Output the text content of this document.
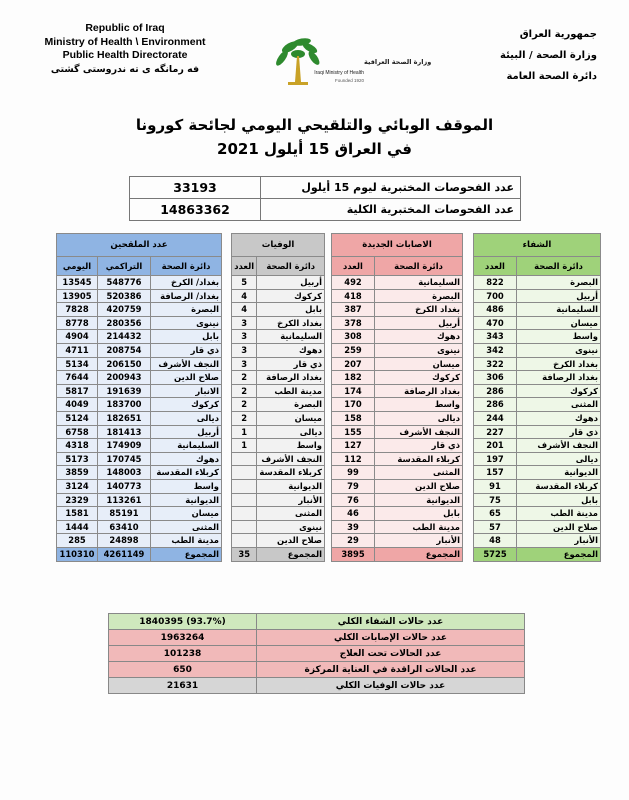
Republic of Iraq
Ministry of Health \ Environment
Public Health Directorate
فه رمانگه ى ته ندروستى گشتى
وزارة الصحة العراقية
Iraqi Ministry of Health
Founded 1920
جمهورية العراق
وزارة الصحة / البيئة
دائرة الصحة العامة
الموقف الوبائي والتلقيحي اليومي لجائحة كورونا
في العراق 15 أيلول 2021
33193	عدد الفحوصات المختبرية ليوم 15 أيلول
14863362	عدد الفحوصات المختبرية الكلية
الشفاء	
العدد	دائرة الصحة
822	البصرة
700	أربيل
486	السليمانية
470	ميسان
343	واسط
342	نينوى
322	بغداد الكرخ
306	بغداد الرصافة
286	كركوك
286	المثنى
244	دهوك
227	ذي قار
201	النجف الأشرف
197	ديالى
157	الديوانية
91	كربلاء المقدسة
75	بابل
65	مدينة الطب
57	صلاح الدين
48	الأنبار
5725	المجموع
الاصابات الجديدة	
العدد	دائرة الصحة
492	السليمانية
418	البصرة
387	بغداد الكرخ
378	أربيل
308	دهوك
259	نينوى
207	ميسان
182	كركوك
174	بغداد الرصافة
170	واسط
158	ديالى
155	النجف الأشرف
127	ذي قار
112	كربلاء المقدسة
99	المثنى
79	صلاح الدين
76	الديوانية
46	بابل
39	مدينة الطب
29	الأنبار
3895	المجموع
الوفيات	
العدد	دائرة الصحة
5	أربيل
4	كركوك
4	بابل
3	بغداد الكرخ
3	السليمانية
3	دهوك
3	ذي قار
2	بغداد الرصافة
2	مدينة الطب
2	البصرة
2	ميسان
1	ديالى
1	واسط
	النجف الأشرف
	كربلاء المقدسة
	الديوانية
	الأنبار
	المثنى
	نينوى
	صلاح الدين
35	المجموع
عدد الملقحين		
اليومي	التراكمي	دائرة الصحة
13545	548776	بغداد/ الكرخ
13905	520386	بغداد/ الرصافة
7828	420759	البصرة
8778	280356	نينوى
4904	214432	بابل
4711	208754	ذي قار
5134	206150	النجف الأشرف
7644	200943	صلاح الدين
5817	191639	الانبار
4049	183700	كركوك
5124	182651	ديالى
6758	181413	أربيل
4318	174909	السليمانية
5173	170745	دهوك
3859	148003	كربلاء المقدسة
3124	140773	واسط
2329	113261	الديوانية
1581	85191	ميسان
1444	63410	المثنى
285	24898	مدينة الطب
110310	4261149	المجموع
1840395 (93.7%)	عدد حالات الشفاء الكلي
1963264	عدد حالات الإصابات الكلي
101238	عدد الحالات تحت العلاج
650	عدد الحالات الراقدة في العناية المركزة
21631	عدد حالات الوفيات الكلي
